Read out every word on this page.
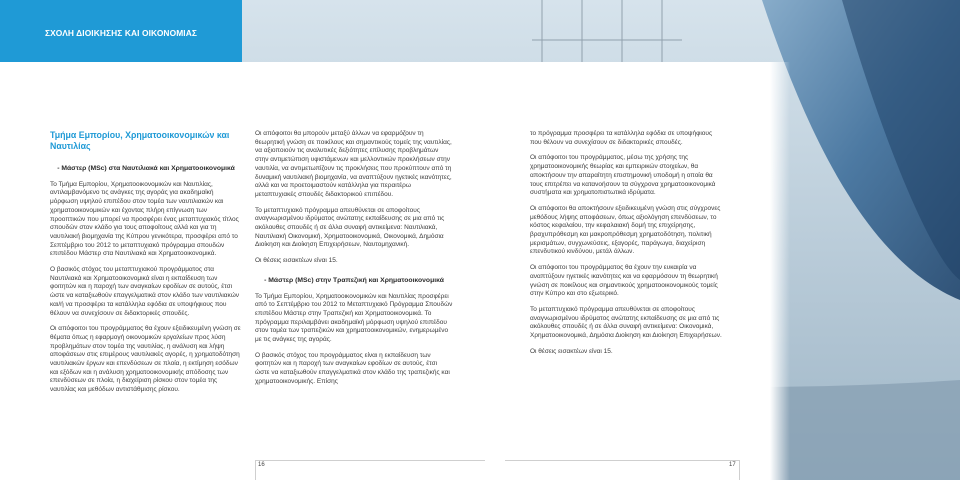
ΣΧΟΛΗ ΔΙΟΙΚΗΣΗΣ ΚΑΙ ΟΙΚΟΝΟΜΙΑΣ
Τμήμα Εμπορίου, Χρηματοοικονομικών και Ναυτιλίας
- Μάστερ (MSc) στα Ναυτιλιακά και Χρηματοοικονομικά

Το Τμήμα Εμπορίου, Χρηματοοικονομικών και Ναυτιλίας, αντιλαμβανόμενο τις ανάγκες της αγοράς για ακαδημαϊκή μόρφωση υψηλού επιπέδου στον τομέα των ναυτιλιακών και χρηματοοικονομικών και έχοντας πλήρη επίγνωση των προοπτικών που μπορεί να προσφέρει ένας μεταπτυχιακός τίτλος σπουδών στον κλάδο για τους αποφοίτους αλλά και για τη ναυτιλιακή βιομηχανία της Κύπρου γενικότερα, προσφέρει από το Σεπτέμβριο του 2012 το μεταπτυχιακό πρόγραμμα σπουδών επιπέδου Μάστερ στα Ναυτιλιακά και Χρηματοοικονομικά.

Ο βασικός στόχος του μεταπτυχιακού προγράμματος στα Ναυτιλιακά και Χρηματοοικονομικά είναι η εκπαίδευση των φοιτητών και η παροχή των αναγκαίων εφοδίων σε αυτούς, έτσι ώστε να καταξιωθούν επαγγελματικά στον κλάδο των ναυτιλιακών και/ή να προσφέρει τα κατάλληλα εφόδια σε υποψήφιους που θέλουν να συνεχίσουν σε διδακτορικές σπουδές.

Οι απόφοιτοι του προγράμματος θα έχουν εξειδικευμένη γνώση σε θέματα όπως η εφαρμογή οικονομικών εργαλείων προς λύση προβλημάτων στον τομέα της ναυτιλίας, η ανάλυση και λήψη αποφάσεων στις επιμέρους ναυτιλιακές αγορές, η χρηματοδότηση ναυτιλιακών έργων και επενδύσεων σε πλοία, η εκτίμηση εσόδων και εξόδων και η ανάλυση χρηματοοικονομικής απόδοσης των επενδύσεων σε πλοία, η διαχείριση ρίσκου στον τομέα της ναυτιλίας και μεθόδων αντιστάθμισης ρίσκου.

Οι απόφοιτοι θα μπορούν μεταξύ άλλων να εφαρμόζουν τη θεωρητική γνώση σε ποικίλους και σημαντικούς τομείς της ναυτιλίας, να αξιοποιούν τις αναλυτικές δεξιότητες επίλυσης προβλημάτων στην αντιμετώπιση υφιστάμενων και μελλοντικών προκλήσεων στην ναυτιλία, να αντιμετωπίζουν τις προκλήσεις που προκύπτουν από τη δυναμική ναυτιλιακή βιομηχανία, να αναπτύξουν ηγετικές ικανότητες, αλλά και να προετοιμαστούν κατάλληλα για περαιτέρω μεταπτυχιακές σπουδές διδακτορικού επιπέδου.

Το μεταπτυχιακό πρόγραμμα απευθύνεται σε αποφοίτους αναγνωρισμένου ιδρύματος ανώτατης εκπαίδευσης σε μια από τις ακόλουθες σπουδές ή σε άλλα συναφή αντικείμενα: Ναυτιλιακά, Ναυτιλιακή Οικονομική, Χρηματοοικονομικά, Οικονομικά, Δημόσια Διοίκηση και Διοίκηση Επιχειρήσεων, Ναυτομηχανική.

Οι θέσεις εισακτέων είναι 15.

- Μάστερ (MSc) στην Τραπεζική και Χρηματοοικονομικά

Το Τμήμα Εμπορίου, Χρηματοοικονομικών και Ναυτιλίας προσφέρει από το Σεπτέμβριο του 2012 το Μεταπτυχιακό Πρόγραμμα Σπουδών επιπέδου Μάστερ στην Τραπεζική και Χρηματοοικονομικά. Το πρόγραμμα περιλαμβάνει ακαδημαϊκή μόρφωση υψηλού επιπέδου στον τομέα των τραπεζικών και χρηματοοικονομικών, ενημερωμένο με τις ανάγκες της αγοράς.

Ο βασικός στόχος του προγράμματος είναι η εκπαίδευση των φοιτητών και η παροχή των αναγκαίων εφοδίων σε αυτούς, έτσι ώστε να καταξιωθούν επαγγελματικά στον κλάδο της τραπεζικής και χρηματοοικονομικής. Επίσης

το πρόγραμμα προσφέρει τα κατάλληλα εφόδια σε υποψήφιους που θέλουν να συνεχίσουν σε διδακτορικές σπουδές.

Οι απόφοιτοι του προγράμματος, μέσω της χρήσης της χρηματοοικονομικής θεωρίας και εμπειρικών στοιχείων, θα αποκτήσουν την απαραίτητη επιστημονική υποδομή η οποία θα τους επιτρέπει να κατανοήσουν τα σύγχρονα χρηματοοικονομικά συστήματα και χρηματοπιστωτικά ιδρύματα.

Οι απόφοιτοι θα αποκτήσουν εξειδικευμένη γνώση στις σύγχρονες μεθόδους λήψης αποφάσεων, όπως αξιολόγηση επενδύσεων, το κόστος κεφαλαίου, την κεφαλαιακή δομή της επιχείρησης, βραχυπρόθεσμη και μακροπρόθεσμη χρηματοδότηση, πολιτική μερισμάτων, συγχωνεύσεις, εξαγορές, παράγωγα, διαχείριση επενδυτικού κινδύνου, μετάλ άλλων.

Οι απόφοιτοι του προγράμματος θα έχουν την ευκαιρία να αναπτύξουν ηγετικές ικανότητες και να εφαρμόσουν τη θεωρητική γνώση σε ποικίλους και σημαντικούς χρηματοοικονομικούς τομείς στην Κύπρο και στο εξωτερικό.

Το μεταπτυχιακό πρόγραμμα απευθύνεται σε αποφοίτους αναγνωρισμένου ιδρύματος ανώτατης εκπαίδευσης σε μια από τις ακόλουθες σπουδές ή σε άλλα συναφή αντικείμενα: Οικονομικά, Χρηματοοικονομικά, Δημόσια Διοίκηση και Διοίκηση Επιχειρήσεων.

Οι θέσεις εισακτέων είναι 15.

16	17
